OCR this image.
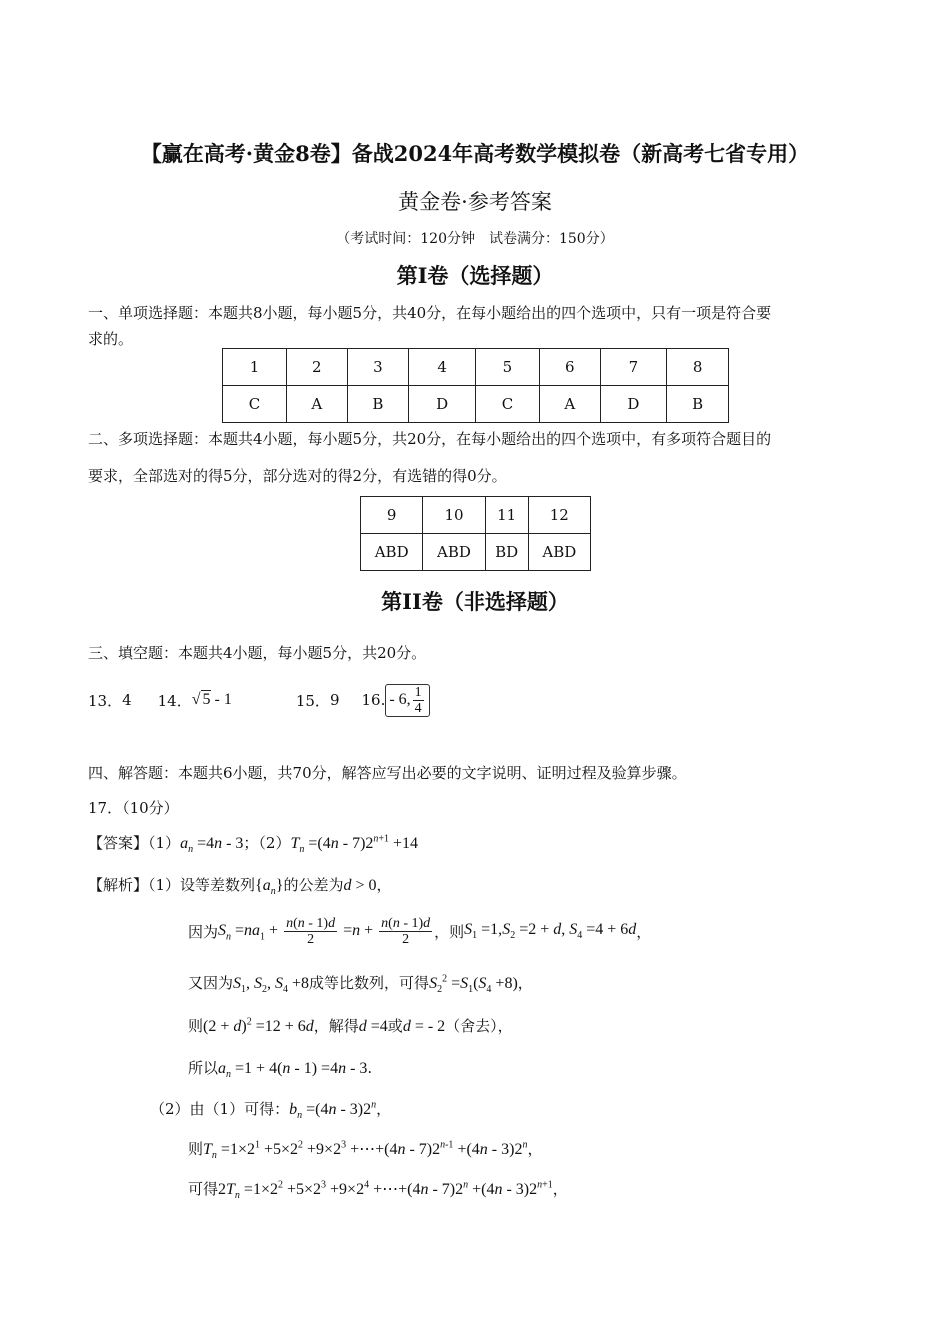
【赢在高考·黄金8卷】备战2024年高考数学模拟卷（新高考七省专用）
黄金卷·参考答案
（考试时间：120分钟　试卷满分：150分）
第I卷（选择题）
一、单项选择题：本题共8小题，每小题5分，共40分，在每小题给出的四个选项中，只有一项是符合要
求的。
1	2	3	4	5	6	7	8
C	A	B	D	C	A	D	B
二、多项选择题：本题共4小题，每小题5分，共20分，在每小题给出的四个选项中，有多项符合题目的
要求，全部选对的得5分，部分选对的得2分，有选错的得0分。
9	10	11	12
ABD	ABD	BD	ABD
第II卷（非选择题）
三、填空题：本题共4小题，每小题5分，共20分。
13． 4 14． √ 5 - 1	15． 9 16. - 6, $\frac{1}{4}$
四、解答题：本题共6小题，共70分，解答应写出必要的文字说明、证明过程及验算步骤。
17．（10分）
【答案】$(1)a_n =4n - 3$；$(2)T_n =(4n - 7)2^{n+1} +14$
【解析】（1）设等差数列$\{a_n\}$的公差为d > 0，
因为 $S_n =na_1 + \frac{n(n - 1)d}{2} =n + \frac{n(n - 1)d}{2}$ ，则 $S_1 =1,S_2 =2 + d$, $S_4 =4 + 6d$ ，
又因为$S_1$, $S_2$, $S_4 +8$成等比数列，可得$S_2^2 =S_1(S_4 +8)$，
则$(2 + d)^2 =12 + 6d$，解得d =4或d = - 2（舍去），
所以$a_n =1 + 4(n - 1) =4n - 3$.
（2）由（1）可得：$b_n =(4n - 3)2^n$，
则$T_n =1\times 2^1 +5\times 2^2 +9\times 2^3$ +⋯+(4n - $7)2^{n-1} +(4n - 3)2^n$，
可得$2T_n =1\times 2^2 +5\times 2^3 +9\times 2^4$ +⋯+(4n - $7)2^n +(4n - 3)2^{n+1}$，
